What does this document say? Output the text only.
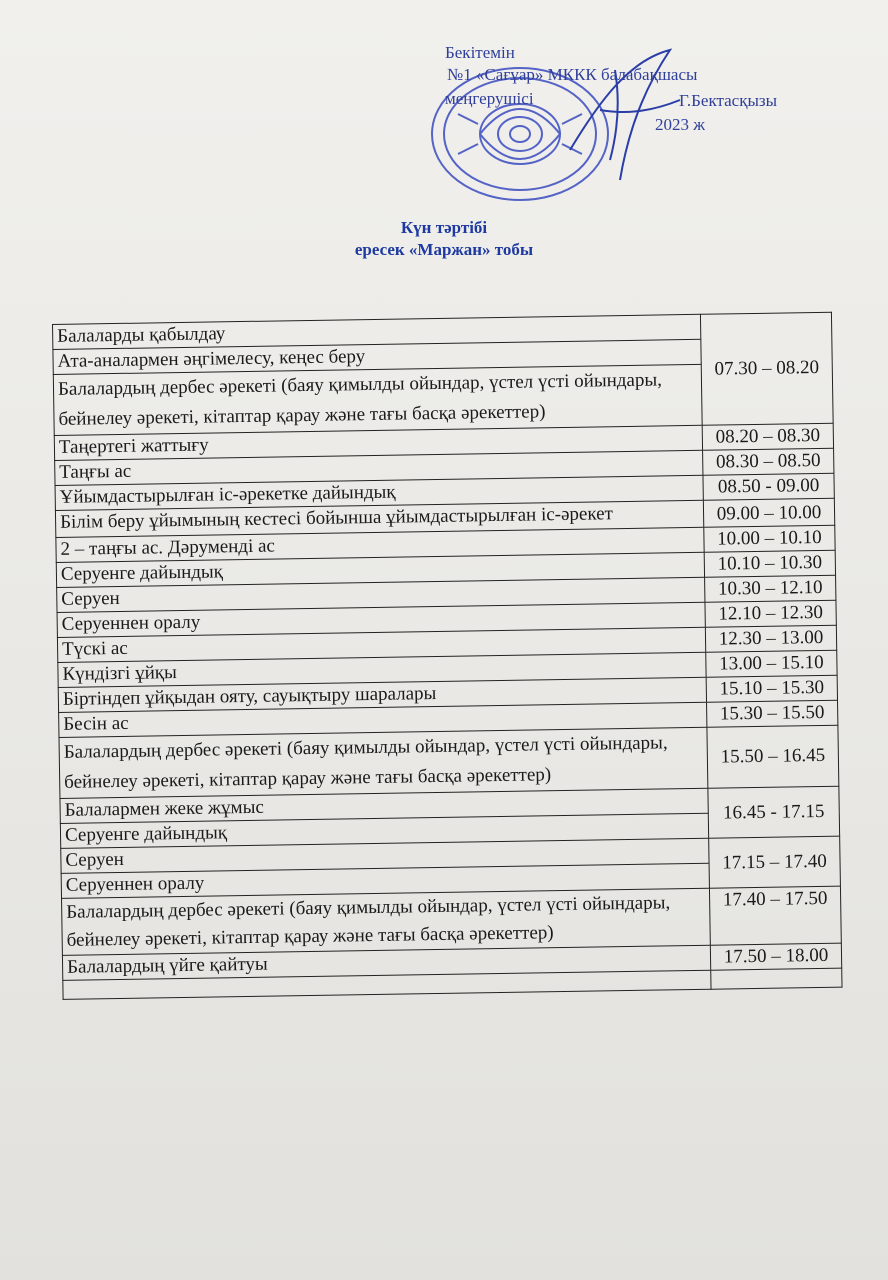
Бекітемін
№1 «Сағұар» МККК балабақшасы
меңгерушісі	Г.Бектасқызы
2023 ж
Күн тәртібі
ересек «Маржан» тобы
Балаларды қабылдау	07.30 – 08.20
Ата-аналармен әңгімелесу, кеңес беру	
Балалардың дербес әрекеті (баяу қимылды ойындар, үстел үсті ойындары, бейнелеу әрекеті, кітаптар қарау және тағы басқа әрекеттер)	
Таңертегі жаттығу	08.20 – 08.30
Таңғы ас	08.30 – 08.50
Ұйымдастырылған іс-әрекетке дайындық	08.50 - 09.00
Білім беру ұйымының кестесі бойынша ұйымдастырылған іс-әрекет	09.00 – 10.00
2 – таңғы ас. Дәруменді ас	10.00 – 10.10
Серуенге дайындық	10.10 – 10.30
Серуен	10.30 – 12.10
Серуеннен оралу	12.10 – 12.30
Түскі ас	12.30 – 13.00
Күндізгі ұйқы	13.00 – 15.10
Біртіндеп ұйқыдан ояту, сауықтыру шаралары	15.10 – 15.30
Бесін ас	15.30 – 15.50
Балалардың дербес әрекеті (баяу қимылды ойындар, үстел үсті ойындары, бейнелеу әрекеті, кітаптар қарау және тағы басқа әрекеттер)	15.50 – 16.45
Балалармен жеке жұмыс	16.45 - 17.15
Серуенге дайындық	
Серуен	17.15 – 17.40
Серуеннен оралу	
Балалардың дербес әрекеті (баяу қимылды ойындар, үстел үсті ойындары, бейнелеу әрекеті, кітаптар қарау және тағы басқа әрекеттер)	17.40 – 17.50
Балалардың үйге қайтуы	17.50 – 18.00
